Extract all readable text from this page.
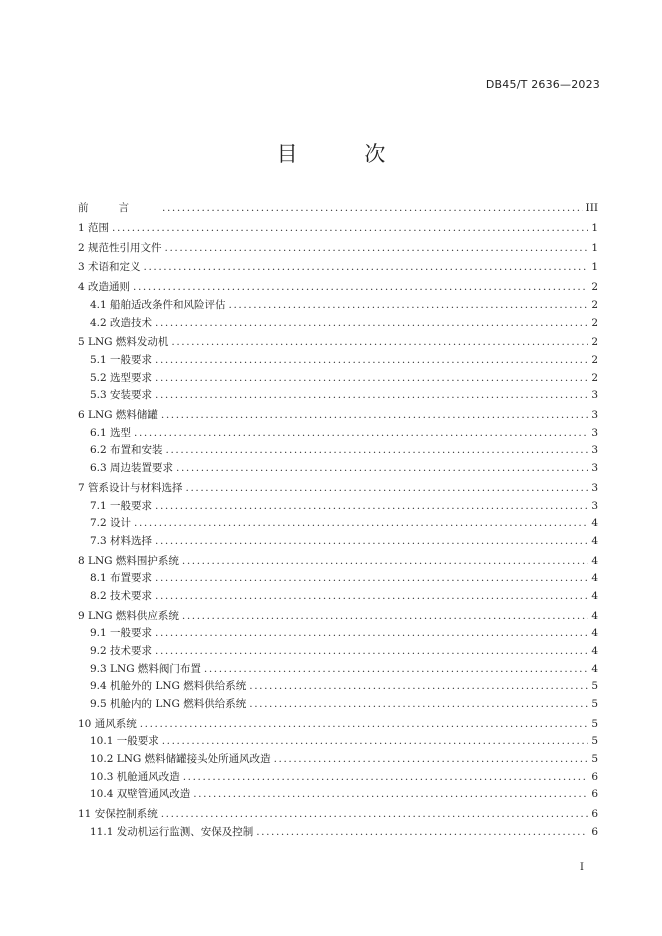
DB45/T 2636—2023
目 次
前言 .....	III
1 范围 .....	1
2 规范性引用文件 .....	1
3 术语和定义 .....	1
4 改造通则 .....	2
4.1 船舶适改条件和风险评估 .....	2
4.2 改造技术 .....	2
5 LNG 燃料发动机 .....	2
5.1 一般要求 .....	2
5.2 选型要求 .....	2
5.3 安装要求 .....	3
6 LNG 燃料储罐 .....	3
6.1 选型 .....	3
6.2 布置和安装 .....	3
6.3 周边装置要求 .....	3
7 管系设计与材料选择 .....	3
7.1 一般要求 .....	3
7.2 设计 .....	4
7.3 材料选择 .....	4
8 LNG 燃料围护系统 .....	4
8.1 布置要求 .....	4
8.2 技术要求 .....	4
9 LNG 燃料供应系统 .....	4
9.1 一般要求 .....	4
9.2 技术要求 .....	4
9.3 LNG 燃料阀门布置 .....	4
9.4 机舱外的 LNG 燃料供给系统 .....	5
9.5 机舱内的 LNG 燃料供给系统 .....	5
10 通风系统 .....	5
10.1 一般要求 .....	5
10.2 LNG 燃料储罐接头处所通风改造 .....	5
10.3 机舱通风改造 .....	6
10.4 双壁管通风改造 .....	6
11 安保控制系统 .....	6
11.1 发动机运行监测、安保及控制 .....	6
I
